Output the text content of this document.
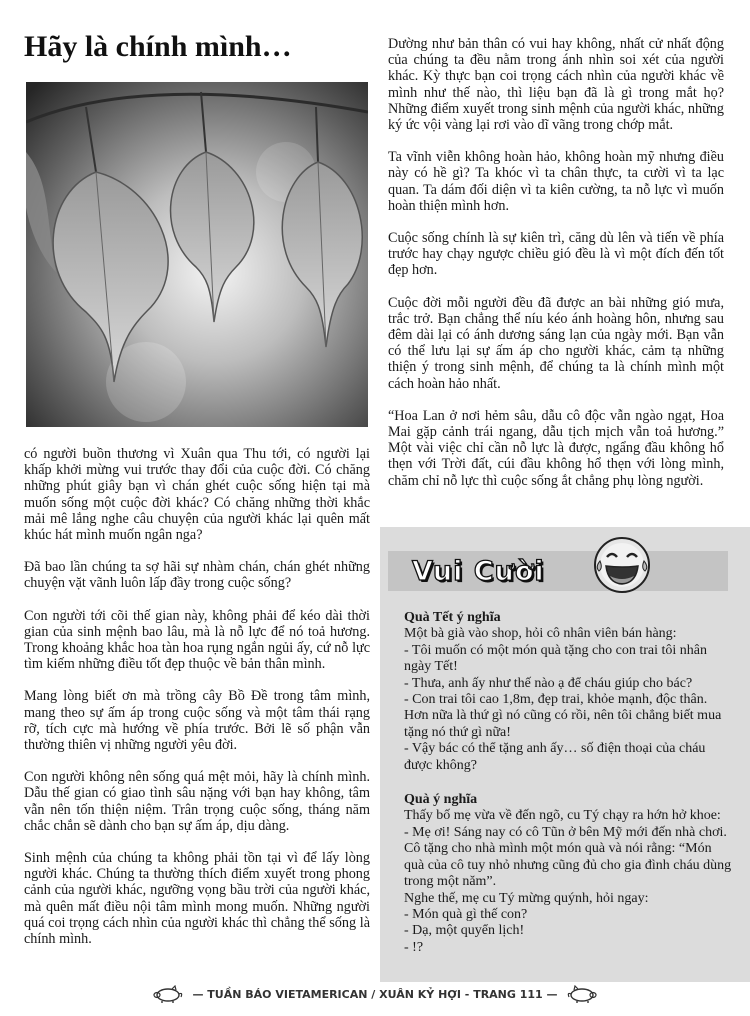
Hãy là chính mình…

có người buồn thương vì Xuân qua Thu tới, có người lại khấp khởi mừng vui trước thay đổi của cuộc đời. Có chăng những phút giây bạn vì chán ghét cuộc sống hiện tại mà muốn sống một cuộc đời khác? Có chăng những thời khắc mải mê lắng nghe câu chuyện của người khác lại quên mất khúc hát mình muốn ngân nga?

Đã bao lần chúng ta sợ hãi sự nhàm chán, chán ghét những chuyện vặt vãnh luôn lấp đầy trong cuộc sống?

Con người tới cõi thế gian này, không phải để kéo dài thời gian của sinh mệnh bao lâu, mà là nỗ lực để nó toả hương. Trong khoảng khắc hoa tàn hoa rụng ngắn ngủi ấy, cứ nỗ lực tìm kiếm những điều tốt đẹp thuộc về bản thân mình.

Mang lòng biết ơn mà trồng cây Bồ Đề trong tâm mình, mang theo sự ấm áp trong cuộc sống và một tâm thái rạng rỡ, tích cực mà hướng về phía trước. Bởi lẽ số phận vẫn thường thiên vị những người yêu đời.

Con người không nên sống quá mệt mỏi, hãy là chính mình. Dẫu thế gian có giao tình sâu nặng với bạn hay không, tâm vẫn nên tốn thiện niệm. Trân trọng cuộc sống, tháng năm chắc chắn sẽ dành cho bạn sự ấm áp, dịu dàng.

Sinh mệnh của chúng ta không phải tồn tại vì để lấy lòng người khác. Chúng ta thường thích điểm xuyết trong phong cảnh của người khác, ngưỡng vọng bầu trời của người khác, mà quên mất điều nội tâm mình mong muốn. Những người quá coi trọng cách nhìn của người khác thì chẳng thể sống là chính mình.

Dường như bản thân có vui hay không, nhất cử nhất động của chúng ta đều nằm trong ánh nhìn soi xét của người khác. Kỳ thực bạn coi trọng cách nhìn của người khác về mình như thế nào, thì liệu bạn đã là gì trong mắt họ? Những điểm xuyết trong sinh mệnh của người khác, những ký ức vội vàng lại rơi vào dĩ vãng trong chớp mắt.

Ta vĩnh viễn không hoàn hảo, không hoàn mỹ nhưng điều này có hề gì? Ta khóc vì ta chân thực, ta cười vì ta lạc quan. Ta dám đối diện vì ta kiên cường, ta nỗ lực vì muốn hoàn thiện mình hơn.

Cuộc sống chính là sự kiên trì, căng dù lên và tiến về phía trước hay chạy ngược chiều gió đều là vì một đích đến tốt đẹp hơn.

Cuộc đời mỗi người đều đã được an bài những gió mưa, trắc trở. Bạn chẳng thể níu kéo ánh hoàng hôn, nhưng sau đêm dài lại có ánh dương sáng lạn của ngày mới. Bạn vẫn có thể lưu lại sự ấm áp cho người khác, cảm tạ những thiện ý trong sinh mệnh, để chúng ta là chính mình một cách hoàn hảo nhất.

“Hoa Lan ở nơi hẻm sâu, dẫu cô độc vẫn ngào ngạt, Hoa Mai gặp cảnh trái ngang, dẫu tịch mịch vẫn toả hương.” Một vài việc chỉ cần nỗ lực là được, ngẩng đầu không hổ thẹn với Trời đất, cúi đầu không hổ thẹn với lòng mình, chăm chỉ nỗ lực thì cuộc sống ắt chẳng phụ lòng người.

Vui Cười
Quà Tết ý nghĩa

Một bà già vào shop, hỏi cô nhân viên bán hàng:

- Tôi muốn có một món quà tặng cho con trai tôi nhân ngày Tết!

- Thưa, anh ấy như thế nào ạ để cháu giúp cho bác?

- Con trai tôi cao 1,8m, đẹp trai, khỏe mạnh, độc thân. Hơn nữa là thứ gì nó cũng có rồi, nên tôi chẳng biết mua tặng nó thứ gì nữa!

- Vậy bác có thể tặng anh ấy… số điện thoại của cháu được không?

Quà ý nghĩa

Thấy bố mẹ vừa về đến ngõ, cu Tý chạy ra hớn hở khoe:

- Mẹ ơi! Sáng nay có cô Tũn ở bên Mỹ mới đến nhà chơi. Cô tặng cho nhà mình một món quà và nói rằng: “Món quà của cô tuy nhỏ nhưng cũng đủ cho gia đình cháu dùng trong một năm”.

Nghe thế, mẹ cu Tý mừng quýnh, hỏi ngay:

- Món quà gì thế con?

- Dạ, một quyển lịch!

- !?

— TUẦN BÁO VIETAMERICAN / XUÂN KỶ HỢI - TRANG 111 —
